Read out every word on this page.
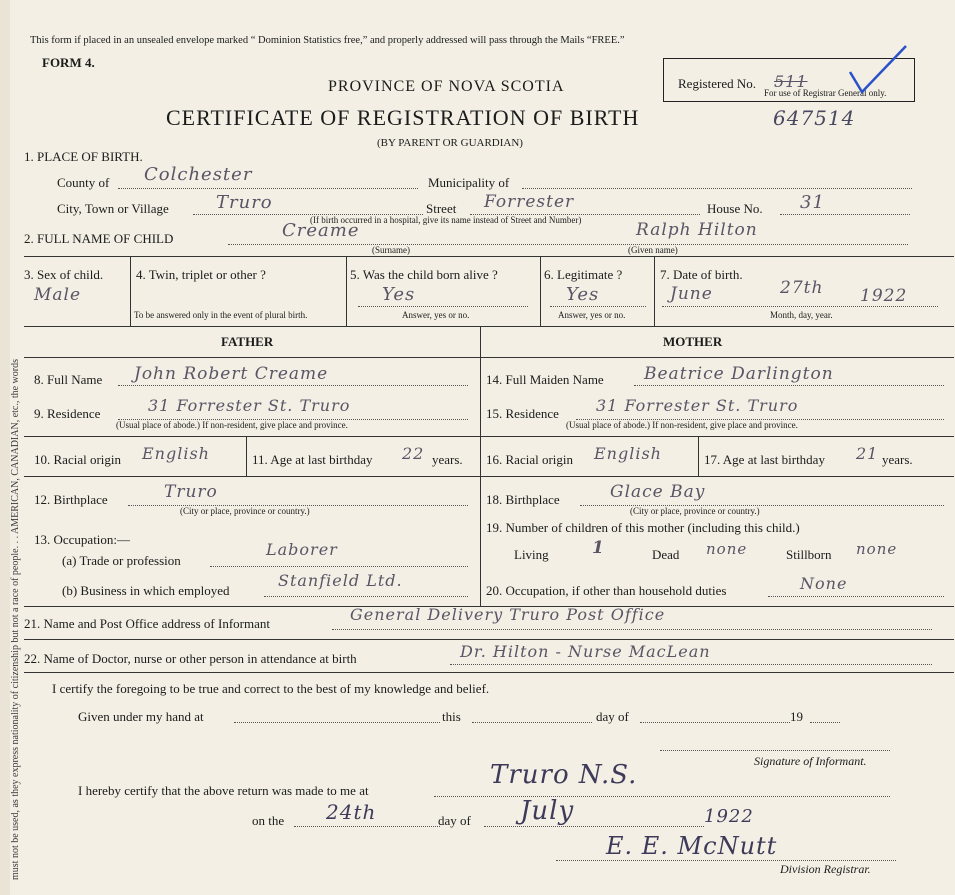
must not be used, as they express nationality of citizenship but not a race of people. . . AMERICAN, CANADIAN, etc., the words
This form if placed in an unsealed envelope marked “ Dominion Statistics free,” and properly addressed will pass through the Mails “FREE.”
FORM 4.
PROVINCE OF NOVA SCOTIA	Registered No. 511
For use of Registrar General only.
CERTIFICATE OF REGISTRATION OF BIRTH	647514
(BY PARENT OR GUARDIAN)
1. PLACE OF BIRTH.
County of Colchester	Municipality of
City, Town or Village	Truro	Street Forrester	House No. 31
(If birth occurred in a hospital, give its name instead of Street and Number)
2. FULL NAME OF CHILD	Creame
(Surname)
Ralph Hilton
(Given name)
3. Sex of child.
Male
4. Twin, triplet or other ?
To be answered only in the event of plural birth.
5. Was the child born alive ?
Yes
Answer, yes or no.
6. Legitimate ?
Yes
Answer, yes or no.
7. Date of birth.
June	27th 1922
Month, day, year.
FATHER	MOTHER
8. Full Name John Robert Creame
9. Residence	31 Forrester St. Truro
(Usual place of abode.) If non-resident, give place and province.
10. Racial origin English	11. Age at last birthday 22 years.
12. Birthplace	Truro
(City or place, province or country.)
13. Occupation:—
(a) Trade or profession
Laborer
(b) Business in which employed
Stanfield Ltd.
14. Full Maiden Name Beatrice Darlington
15. Residence 31 Forrester St. Truro
(Usual place of abode.) If non-resident, give place and province.
16. Racial origin English	17. Age at last birthday 21 years.
18. Birthplace	Glace Bay
(City or place, province or country.)
19. Number of children of this mother (including this child.)
Living	1	Dead none	Stillborn none
20. Occupation, if other than household duties	None
21. Name and Post Office address of Informant	General Delivery Truro Post Office
22. Name of Doctor, nurse or other person in attendance at birth	Dr. Hilton - Nurse MacLean
I certify the foregoing to be true and correct to the best of my knowledge and belief.
Given under my hand at	this	day of	19
Signature of Informant.
I hereby certify that the above return was made to me at
Truro N.S.
on the 24th	day of July	1922
E. E. McNutt
Division Registrar.
